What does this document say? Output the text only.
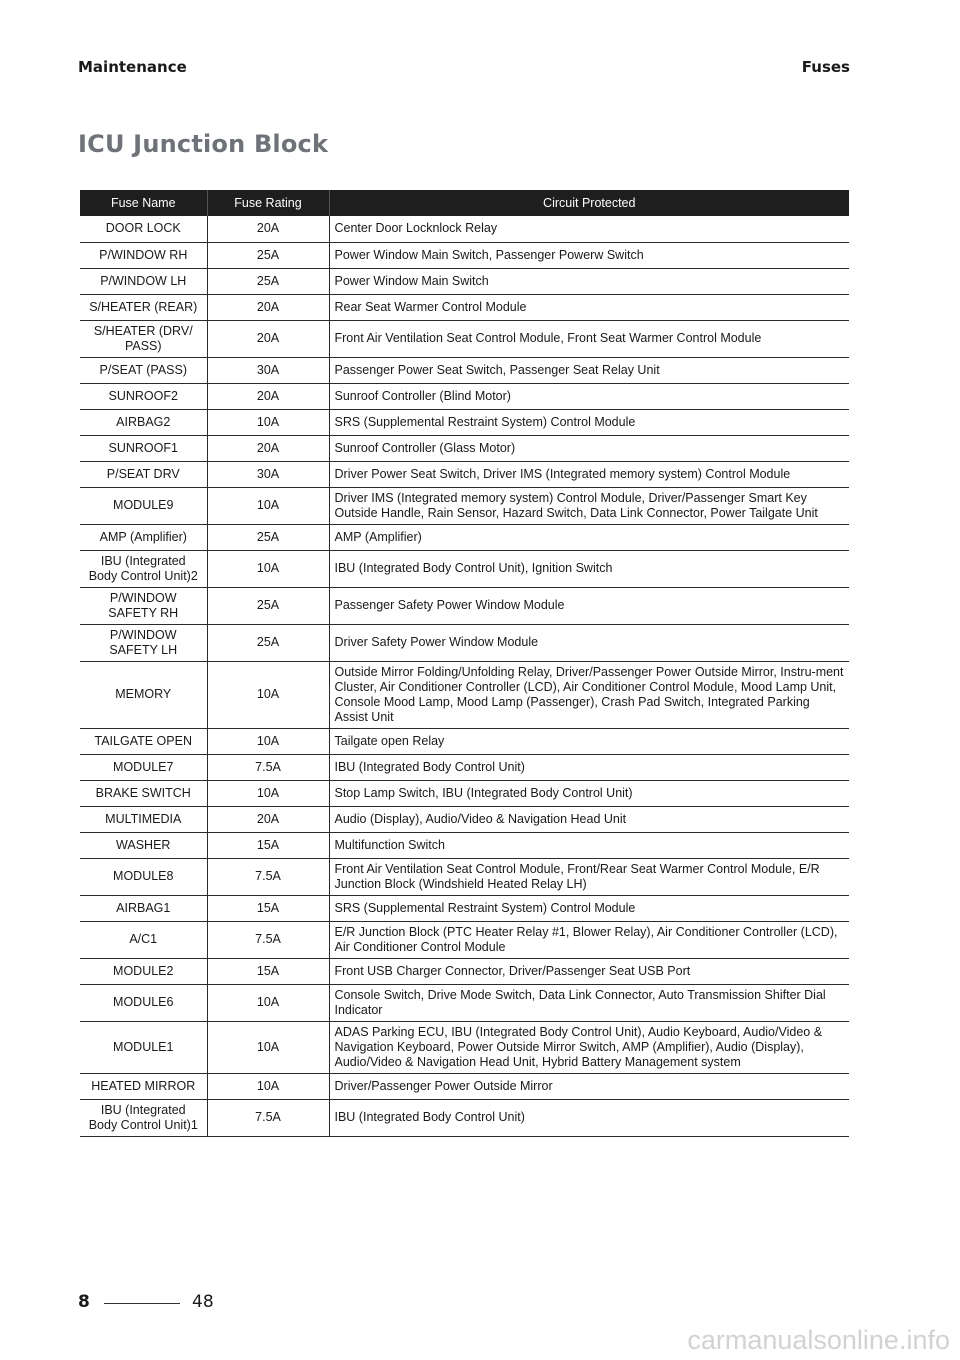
Maintenance	Fuses
ICU Junction Block
Fuse Name	Fuse Rating	Circuit Protected
DOOR LOCK	20A	Center Door Locknlock Relay
P/WINDOW RH	25A	Power Window Main Switch, Passenger Powerw Switch
P/WINDOW LH	25A	Power Window Main Switch
S/HEATER (REAR)	20A	Rear Seat Warmer Control Module
S/HEATER (DRV/ PASS)	20A	Front Air Ventilation Seat Control Module, Front Seat Warmer Control Module
P/SEAT (PASS)	30A	Passenger Power Seat Switch, Passenger Seat Relay Unit
SUNROOF2	20A	Sunroof Controller (Blind Motor)
AIRBAG2	10A	SRS (Supplemental Restraint System) Control Module
SUNROOF1	20A	Sunroof Controller (Glass Motor)
P/SEAT DRV	30A	Driver Power Seat Switch, Driver IMS (Integrated memory system) Control Module
MODULE9	10A	Driver IMS (Integrated memory system) Control Module, Driver/Passenger Smart Key Outside Handle, Rain Sensor, Hazard Switch, Data Link Connector, Power Tailgate Unit
AMP (Amplifier)	25A	AMP (Amplifier)
IBU (Integrated Body Control Unit)2	10A	IBU (Integrated Body Control Unit), Ignition Switch
P/WINDOW SAFETY RH	25A	Passenger Safety Power Window Module
P/WINDOW SAFETY LH	25A	Driver Safety Power Window Module
MEMORY	10A	Outside Mirror Folding/Unfolding Relay, Driver/Passenger Power Outside Mirror, Instru-ment Cluster, Air Conditioner Controller (LCD), Air Conditioner Control Module, Mood Lamp Unit, Console Mood Lamp, Mood Lamp (Passenger), Crash Pad Switch, Integrated Parking Assist Unit
TAILGATE OPEN	10A	Tailgate open Relay
MODULE7	7.5A	IBU (Integrated Body Control Unit)
BRAKE SWITCH	10A	Stop Lamp Switch, IBU (Integrated Body Control Unit)
MULTIMEDIA	20A	Audio (Display), Audio/Video & Navigation Head Unit
WASHER	15A	Multifunction Switch
MODULE8	7.5A	Front Air Ventilation Seat Control Module, Front/Rear Seat Warmer Control Module, E/R Junction Block (Windshield Heated Relay LH)
AIRBAG1	15A	SRS (Supplemental Restraint System) Control Module
A/C1	7.5A	E/R Junction Block (PTC Heater Relay #1, Blower Relay), Air Conditioner Controller (LCD), Air Conditioner Control Module
MODULE2	15A	Front USB Charger Connector, Driver/Passenger Seat USB Port
MODULE6	10A	Console Switch, Drive Mode Switch, Data Link Connector, Auto Transmission Shifter Dial Indicator
MODULE1	10A	ADAS Parking ECU, IBU (Integrated Body Control Unit), Audio Keyboard, Audio/Video & Navigation Keyboard, Power Outside Mirror Switch, AMP (Amplifier), Audio (Display), Audio/Video & Navigation Head Unit, Hybrid Battery Management system
HEATED MIRROR	10A	Driver/Passenger Power Outside Mirror
IBU (Integrated Body Control Unit)1	7.5A	IBU (Integrated Body Control Unit)
8	48
carmanualsonline.info
